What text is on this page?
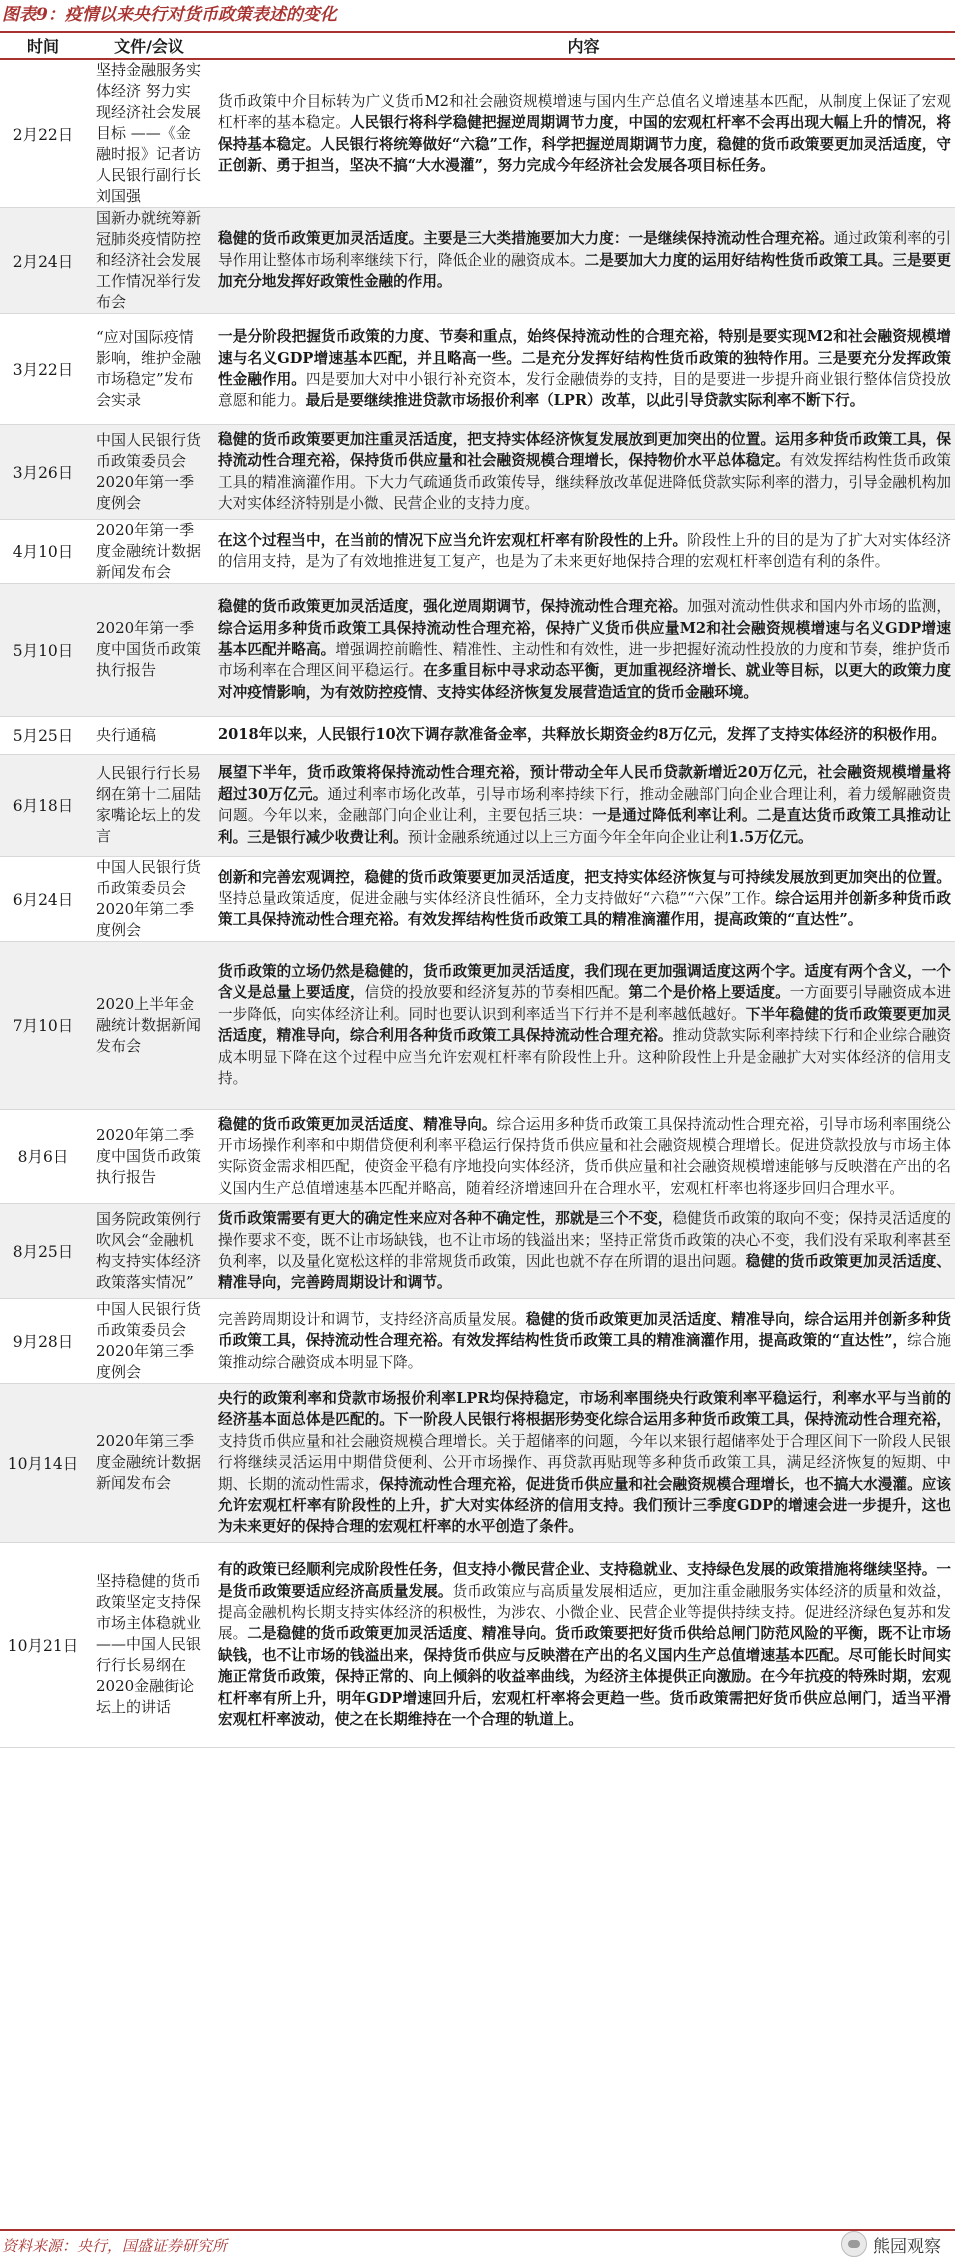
图表9：疫情以来央行对货币政策表述的变化
时间	文件/会议	内容
2月22日	坚持金融服务实体经济 努力实现经济社会发展目标 ——《金融时报》记者访人民银行副行长刘国强	货币政策中介目标转为广义货币M2和社会融资规模增速与国内生产总值名义增速基本匹配，从制度上保证了宏观杠杆率的基本稳定。人民银行将科学稳健把握逆周期调节力度，中国的宏观杠杆率不会再出现大幅上升的情况，将保持基本稳定。人民银行将统筹做好“六稳”工作，科学把握逆周期调节力度，稳健的货币政策要更加灵活适度，守正创新、勇于担当，坚决不搞“大水漫灌”，努力完成今年经济社会发展各项目标任务。
2月24日	国新办就统筹新冠肺炎疫情防控和经济社会发展工作情况举行发布会	稳健的货币政策更加灵活适度。主要是三大类措施要加大力度：一是继续保持流动性合理充裕。通过政策利率的引导作用让整体市场利率继续下行，降低企业的融资成本。二是要加大力度的运用好结构性货币政策工具。三是要更加充分地发挥好政策性金融的作用。
3月22日	“应对国际疫情影响，维护金融市场稳定”发布会实录	一是分阶段把握货币政策的力度、节奏和重点，始终保持流动性的合理充裕，特别是要实现M2和社会融资规模增速与名义GDP增速基本匹配，并且略高一些。二是充分发挥好结构性货币政策的独特作用。三是要充分发挥政策性金融作用。四是要加大对中小银行补充资本，发行金融债券的支持，目的是要进一步提升商业银行整体信贷投放意愿和能力。最后是要继续推进贷款市场报价利率（LPR）改革，以此引导贷款实际利率不断下行。
3月26日	中国人民银行货币政策委员会2020年第一季度例会	稳健的货币政策要更加注重灵活适度，把支持实体经济恢复发展放到更加突出的位置。运用多种货币政策工具，保持流动性合理充裕，保持货币供应量和社会融资规模合理增长，保持物价水平总体稳定。有效发挥结构性货币政策工具的精准滴灌作用。下大力气疏通货币政策传导，继续释放改革促进降低贷款实际利率的潜力，引导金融机构加大对实体经济特别是小微、民营企业的支持力度。
4月10日	2020年第一季度金融统计数据新闻发布会	在这个过程当中，在当前的情况下应当允许宏观杠杆率有阶段性的上升。阶段性上升的目的是为了扩大对实体经济的信用支持，是为了有效地推进复工复产，也是为了未来更好地保持合理的宏观杠杆率创造有利的条件。
5月10日	2020年第一季度中国货币政策执行报告	稳健的货币政策更加灵活适度，强化逆周期调节，保持流动性合理充裕。加强对流动性供求和国内外市场的监测，综合运用多种货币政策工具保持流动性合理充裕，保持广义货币供应量M2和社会融资规模增速与名义GDP增速基本匹配并略高。增强调控前瞻性、精准性、主动性和有效性，进一步把握好流动性投放的力度和节奏，维护货币市场利率在合理区间平稳运行。在多重目标中寻求动态平衡，更加重视经济增长、就业等目标，以更大的政策力度对冲疫情影响，为有效防控疫情、支持实体经济恢复发展营造适宜的货币金融环境。
5月25日	央行通稿	2018年以来，人民银行10次下调存款准备金率，共释放长期资金约8万亿元，发挥了支持实体经济的积极作用。
6月18日	人民银行行长易纲在第十二届陆家嘴论坛上的发言	展望下半年，货币政策将保持流动性合理充裕，预计带动全年人民币贷款新增近20万亿元，社会融资规模增量将超过30万亿元。通过利率市场化改革，引导市场利率持续下行，推动金融部门向企业合理让利，着力缓解融资贵问题。今年以来，金融部门向企业让利，主要包括三块：一是通过降低利率让利。二是直达货币政策工具推动让利。三是银行减少收费让利。预计金融系统通过以上三方面今年全年向企业让利1.5万亿元。
6月24日	中国人民银行货币政策委员会2020年第二季度例会	创新和完善宏观调控，稳健的货币政策要更加灵活适度，把支持实体经济恢复与可持续发展放到更加突出的位置。坚持总量政策适度，促进金融与实体经济良性循环，全力支持做好“六稳”“六保”工作。综合运用并创新多种货币政策工具保持流动性合理充裕。有效发挥结构性货币政策工具的精准滴灌作用，提高政策的“直达性”。
7月10日	2020上半年金融统计数据新闻发布会	货币政策的立场仍然是稳健的，货币政策更加灵活适度，我们现在更加强调适度这两个字。适度有两个含义，一个含义是总量上要适度，信贷的投放要和经济复苏的节奏相匹配。第二个是价格上要适度。一方面要引导融资成本进一步降低，向实体经济让利。同时也要认识到利率适当下行并不是利率越低越好。下半年稳健的货币政策要更加灵活适度，精准导向，综合利用各种货币政策工具保持流动性合理充裕。推动贷款实际利率持续下行和企业综合融资成本明显下降在这个过程中应当允许宏观杠杆率有阶段性上升。这种阶段性上升是金融扩大对实体经济的信用支持。
8月6日	2020年第二季度中国货币政策执行报告	稳健的货币政策更加灵活适度、精准导向。综合运用多种货币政策工具保持流动性合理充裕，引导市场利率围绕公开市场操作利率和中期借贷便利利率平稳运行保持货币供应量和社会融资规模合理增长。促进贷款投放与市场主体实际资金需求相匹配，使资金平稳有序地投向实体经济，货币供应量和社会融资规模增速能够与反映潜在产出的名义国内生产总值增速基本匹配并略高，随着经济增速回升在合理水平，宏观杠杆率也将逐步回归合理水平。
8月25日	国务院政策例行吹风会“金融机构支持实体经济政策落实情况”	货币政策需要有更大的确定性来应对各种不确定性，那就是三个不变，稳健货币政策的取向不变；保持灵活适度的操作要求不变，既不让市场缺钱，也不让市场的钱溢出来；坚持正常货币政策的决心不变，我们没有采取利率甚至负利率，以及量化宽松这样的非常规货币政策，因此也就不存在所谓的退出问题。稳健的货币政策更加灵活适度、精准导向，完善跨周期设计和调节。
9月28日	中国人民银行货币政策委员会2020年第三季度例会	完善跨周期设计和调节，支持经济高质量发展。稳健的货币政策更加灵活适度、精准导向，综合运用并创新多种货币政策工具，保持流动性合理充裕。有效发挥结构性货币政策工具的精准滴灌作用，提高政策的“直达性”，综合施策推动综合融资成本明显下降。
10月14日	2020年第三季度金融统计数据新闻发布会	央行的政策利率和贷款市场报价利率LPR均保持稳定，市场利率围绕央行政策利率平稳运行，利率水平与当前的经济基本面总体是匹配的。下一阶段人民银行将根据形势变化综合运用多种货币政策工具，保持流动性合理充裕，支持货币供应量和社会融资规模合理增长。关于超储率的问题，今年以来银行超储率处于合理区间下一阶段人民银行将继续灵活运用中期借贷便利、公开市场操作、再贷款再贴现等多种货币政策工具，满足经济恢复的短期、中期、长期的流动性需求，保持流动性合理充裕，促进货币供应量和社会融资规模合理增长，也不搞大水漫灌。应该允许宏观杠杆率有阶段性的上升，扩大对实体经济的信用支持。我们预计三季度GDP的增速会进一步提升，这也为未来更好的保持合理的宏观杠杆率的水平创造了条件。
10月21日	坚持稳健的货币政策坚定支持保市场主体稳就业——中国人民银行行长易纲在2020金融街论坛上的讲话	有的政策已经顺利完成阶段性任务，但支持小微民营企业、支持稳就业、支持绿色发展的政策措施将继续坚持。一是货币政策要适应经济高质量发展。货币政策应与高质量发展相适应，更加注重金融服务实体经济的质量和效益，提高金融机构长期支持实体经济的积极性，为涉农、小微企业、民营企业等提供持续支持。促进经济绿色复苏和发展。二是稳健的货币政策更加灵活适度、精准导向。货币政策要把好货币供给总闸门防范风险的平衡，既不让市场缺钱，也不让市场的钱溢出来，保持货币供应与反映潜在产出的名义国内生产总值增速基本匹配。尽可能长时间实施正常货币政策，保持正常的、向上倾斜的收益率曲线，为经济主体提供正向激励。在今年抗疫的特殊时期，宏观杠杆率有所上升，明年GDP增速回升后，宏观杠杆率将会更趋一些。货币政策需把好货币供应总闸门，适当平滑宏观杠杆率波动，使之在长期维持在一个合理的轨道上。
资料来源：央行，国盛证券研究所	熊园观察
